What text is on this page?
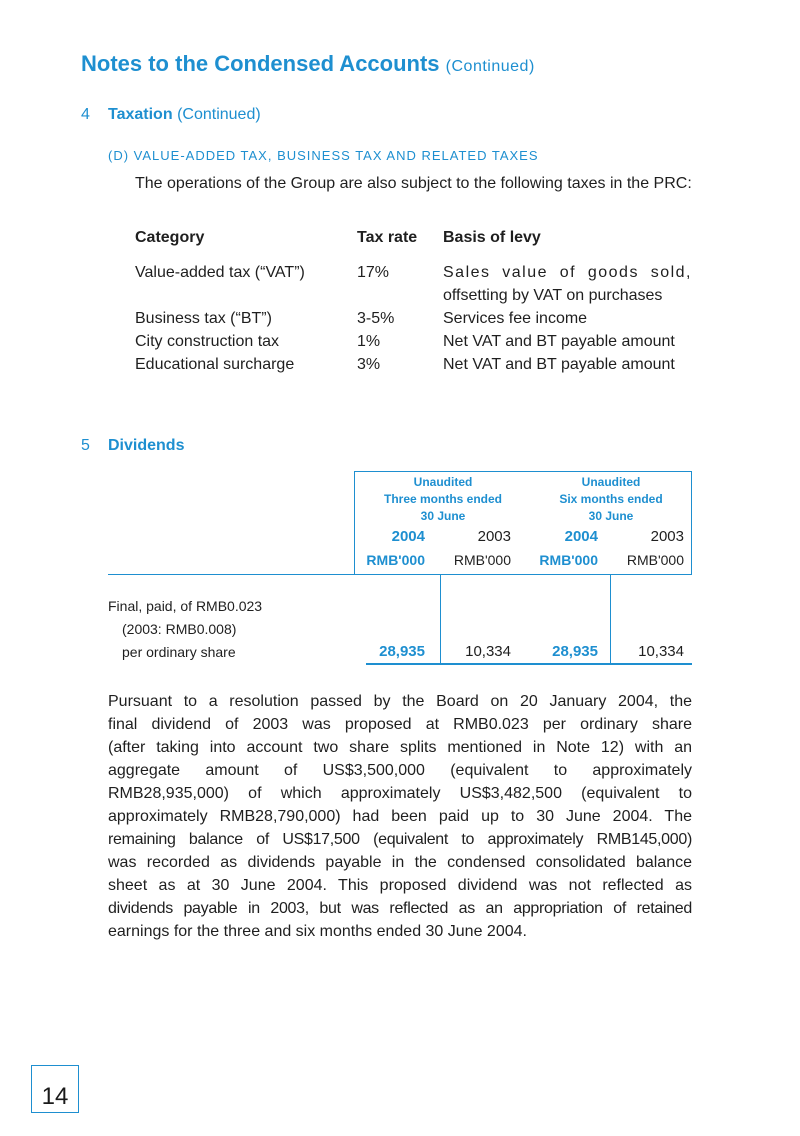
Notes to the Condensed Accounts (Continued)
4 Taxation (Continued)
(D) VALUE-ADDED TAX, BUSINESS TAX AND RELATED TAXES
The operations of the Group are also subject to the following taxes in the PRC:
Category	Tax rate Basis of levy
Value-added tax (“VAT”)	17%	Sales value of goods sold,
offsetting by VAT on purchases
Business tax (“BT”)	3-5%	Services fee income
City construction tax	1%	Net VAT and BT payable amount
Educational surcharge	3%	Net VAT and BT payable amount
5 Dividends
Unaudited
Three months ended
30 June
Unaudited
Six months ended
30 June
2004	2003	2004	2003
RMB'000	RMB'000	RMB'000	RMB'000
Final, paid, of RMB0.023
(2003: RMB0.008)
per ordinary share	28,935	10,334	28,935	10,334
Pursuant to a resolution passed by the Board on 20 January 2004, the
final dividend of 2003 was proposed at RMB0.023 per ordinary share
(after taking into account two share splits mentioned in Note 12) with an
aggregate amount of US$3,500,000 (equivalent to approximately
RMB28,935,000) of which approximately US$3,482,500 (equivalent to
approximately RMB28,790,000) had been paid up to 30 June 2004. The
remaining balance of US$17,500 (equivalent to approximately RMB145,000)
was recorded as dividends payable in the condensed consolidated balance
sheet as at 30 June 2004. This proposed dividend was not reflected as
dividends payable in 2003, but was reflected as an appropriation of retained
earnings for the three and six months ended 30 June 2004.
14
